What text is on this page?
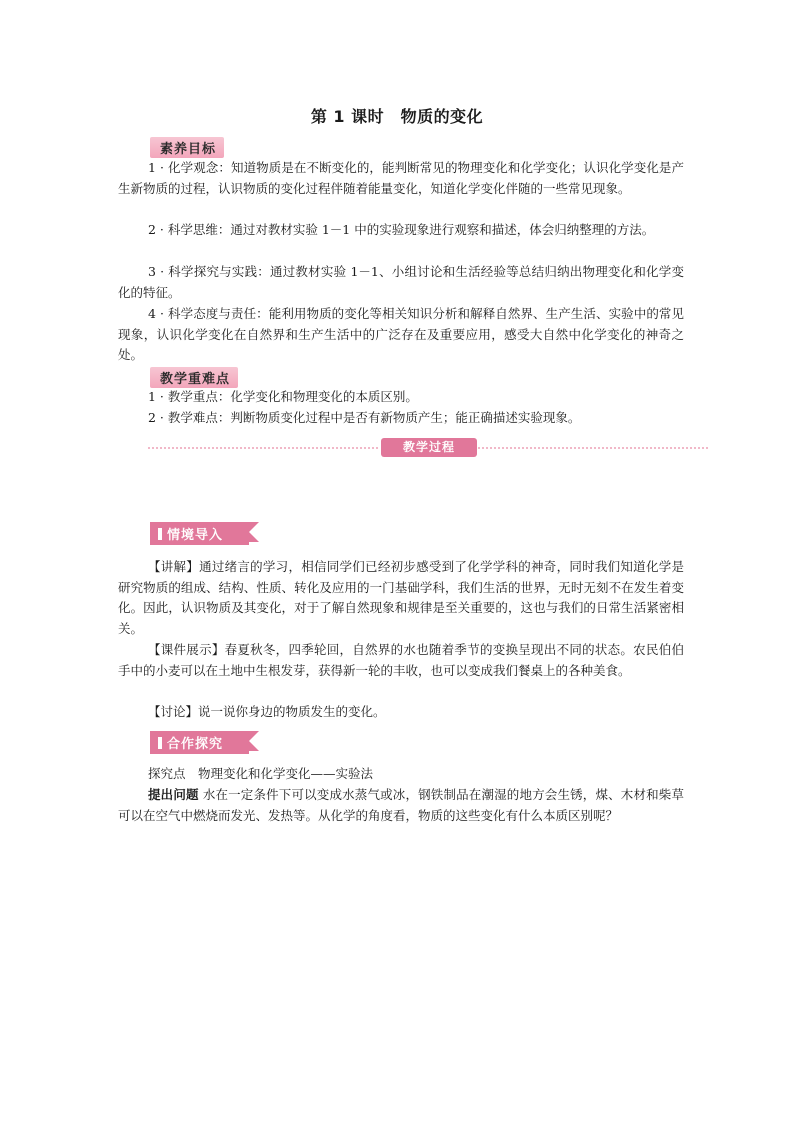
第 1 课时　物质的变化
素养目标
1 · 化学观念：知道物质是在不断变化的，能判断常见的物理变化和化学变化；认识化学变化是产生新物质的过程，认识物质的变化过程伴随着能量变化，知道化学变化伴随的一些常见现象。
2 · 科学思维：通过对教材实验 1－1 中的实验现象进行观察和描述，体会归纳整理的方法。
3 · 科学探究与实践：通过教材实验 1－1、小组讨论和生活经验等总结归纳出物理变化和化学变化的特征。
4 · 科学态度与责任：能利用物质的变化等相关知识分析和解释自然界、生产生活、实验中的常见现象，认识化学变化在自然界和生产生活中的广泛存在及重要应用，感受大自然中化学变化的神奇之处。
教学重难点
1 · 教学重点：化学变化和物理变化的本质区别。
2 · 教学难点：判断物质变化过程中是否有新物质产生；能正确描述实验现象。
教学过程
情境导入
【讲解】通过绪言的学习，相信同学们已经初步感受到了化学学科的神奇，同时我们知道化学是研究物质的组成、结构、性质、转化及应用的一门基础学科，我们生活的世界，无时无刻不在发生着变化。因此，认识物质及其变化，对于了解自然现象和规律是至关重要的，这也与我们的日常生活紧密相关。
【课件展示】春夏秋冬，四季轮回，自然界的水也随着季节的变换呈现出不同的状态。农民伯伯手中的小麦可以在土地中生根发芽，获得新一轮的丰收，也可以变成我们餐桌上的各种美食。
【讨论】说一说你身边的物质发生的变化。
合作探究
探究点　物理变化和化学变化——实验法
提出问题 水在一定条件下可以变成水蒸气或冰，钢铁制品在潮湿的地方会生锈，煤、木材和柴草可以在空气中燃烧而发光、发热等。从化学的角度看，物质的这些变化有什么本质区别呢？
